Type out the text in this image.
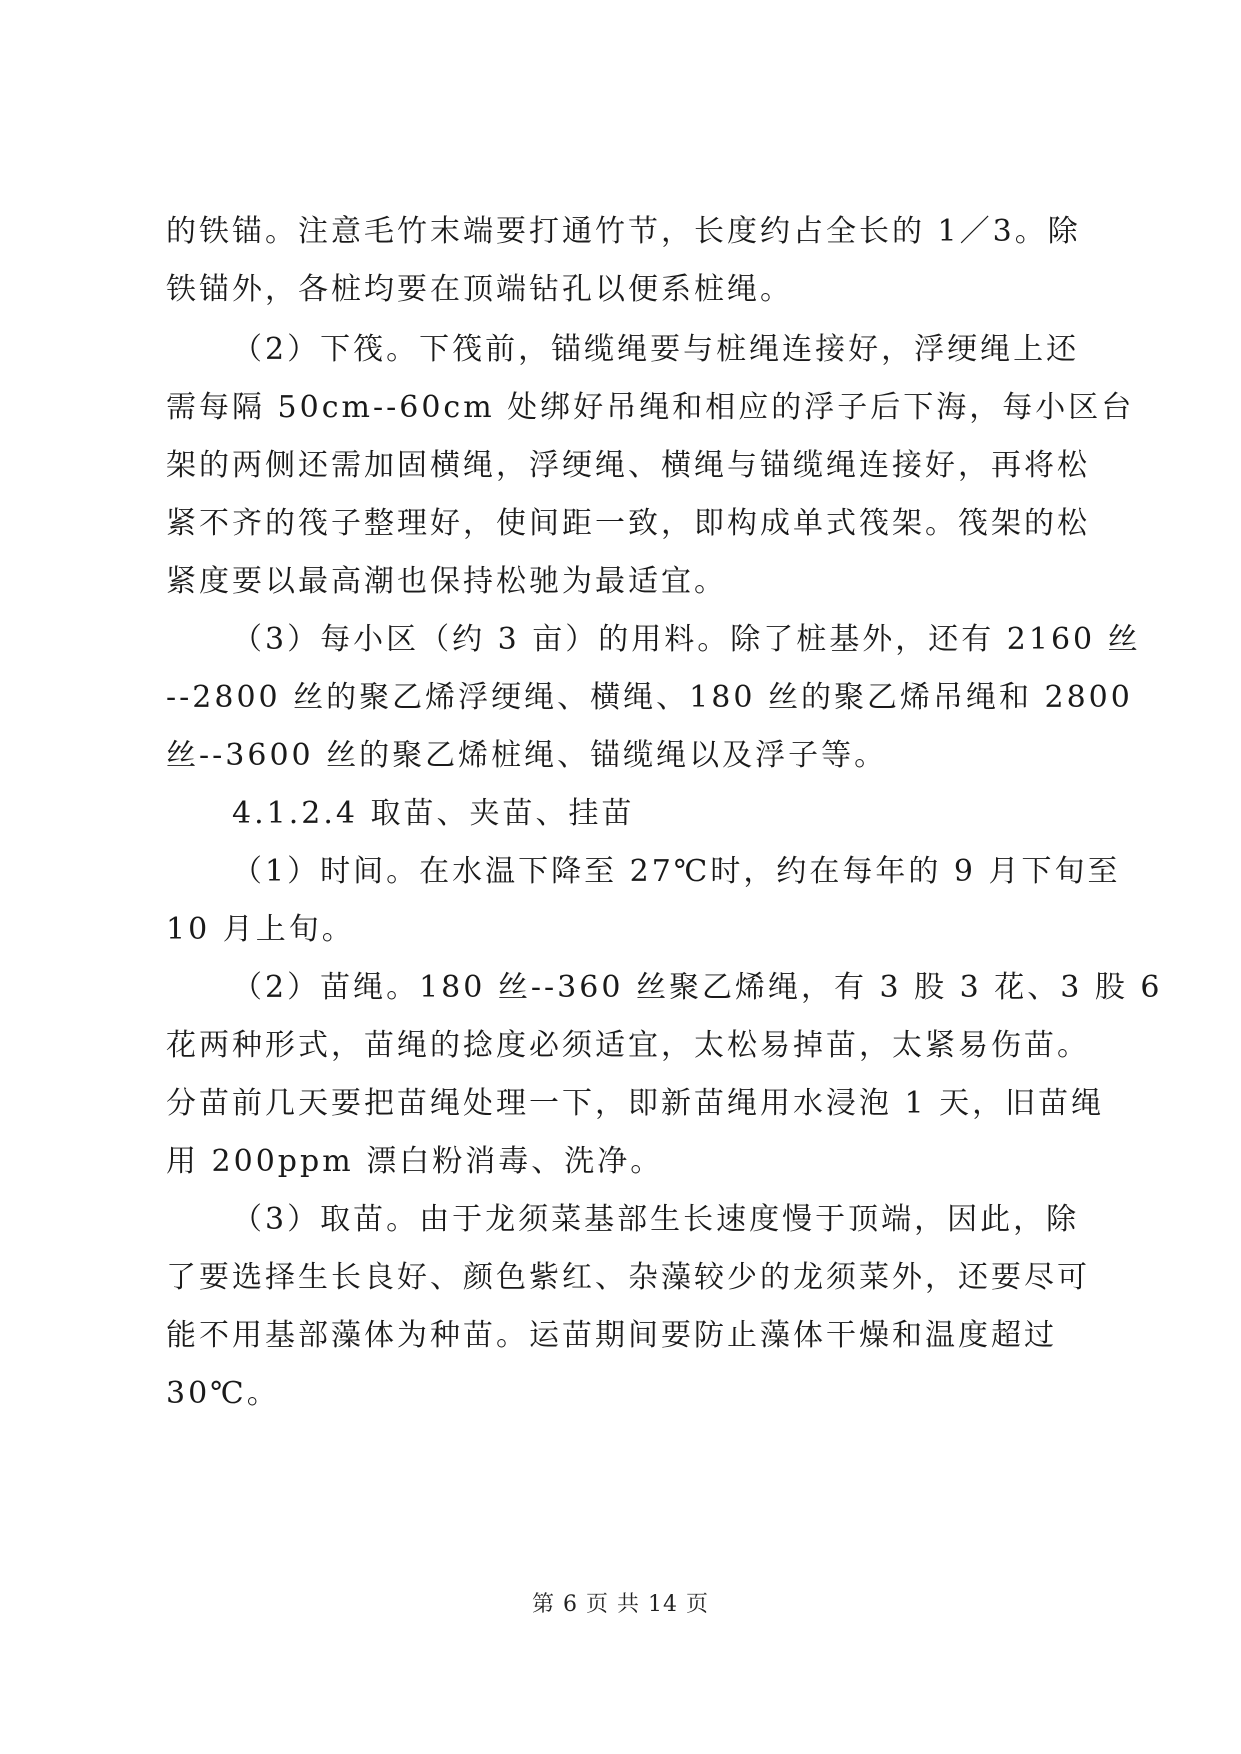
的铁锚。注意毛竹末端要打通竹节，长度约占全长的 1／3。除
铁锚外，各桩均要在顶端钻孔以便系桩绳。
（2）下筏。下筏前，锚缆绳要与桩绳连接好，浮绠绳上还
需每隔 50cm--60cm 处绑好吊绳和相应的浮子后下海，每小区台
架的两侧还需加固横绳，浮绠绳、横绳与锚缆绳连接好，再将松
紧不齐的筏子整理好，使间距一致，即构成单式筏架。筏架的松
紧度要以最高潮也保持松驰为最适宜。
（3）每小区（约 3 亩）的用料。除了桩基外，还有 2160 丝
--2800 丝的聚乙烯浮绠绳、横绳、180 丝的聚乙烯吊绳和 2800
丝--3600 丝的聚乙烯桩绳、锚缆绳以及浮子等。
4.1.2.4 取苗、夹苗、挂苗
（1）时间。在水温下降至 27℃时，约在每年的 9 月下旬至
10 月上旬。
（2）苗绳。180 丝--360 丝聚乙烯绳，有 3 股 3 花、3 股 6
花两种形式，苗绳的捻度必须适宜，太松易掉苗，太紧易伤苗。
分苗前几天要把苗绳处理一下，即新苗绳用水浸泡 1 天，旧苗绳
用 200ppm 漂白粉消毒、洗净。
（3）取苗。由于龙须菜基部生长速度慢于顶端，因此，除
了要选择生长良好、颜色紫红、杂藻较少的龙须菜外，还要尽可
能不用基部藻体为种苗。运苗期间要防止藻体干燥和温度超过
30℃。
第 6 页 共 14 页
